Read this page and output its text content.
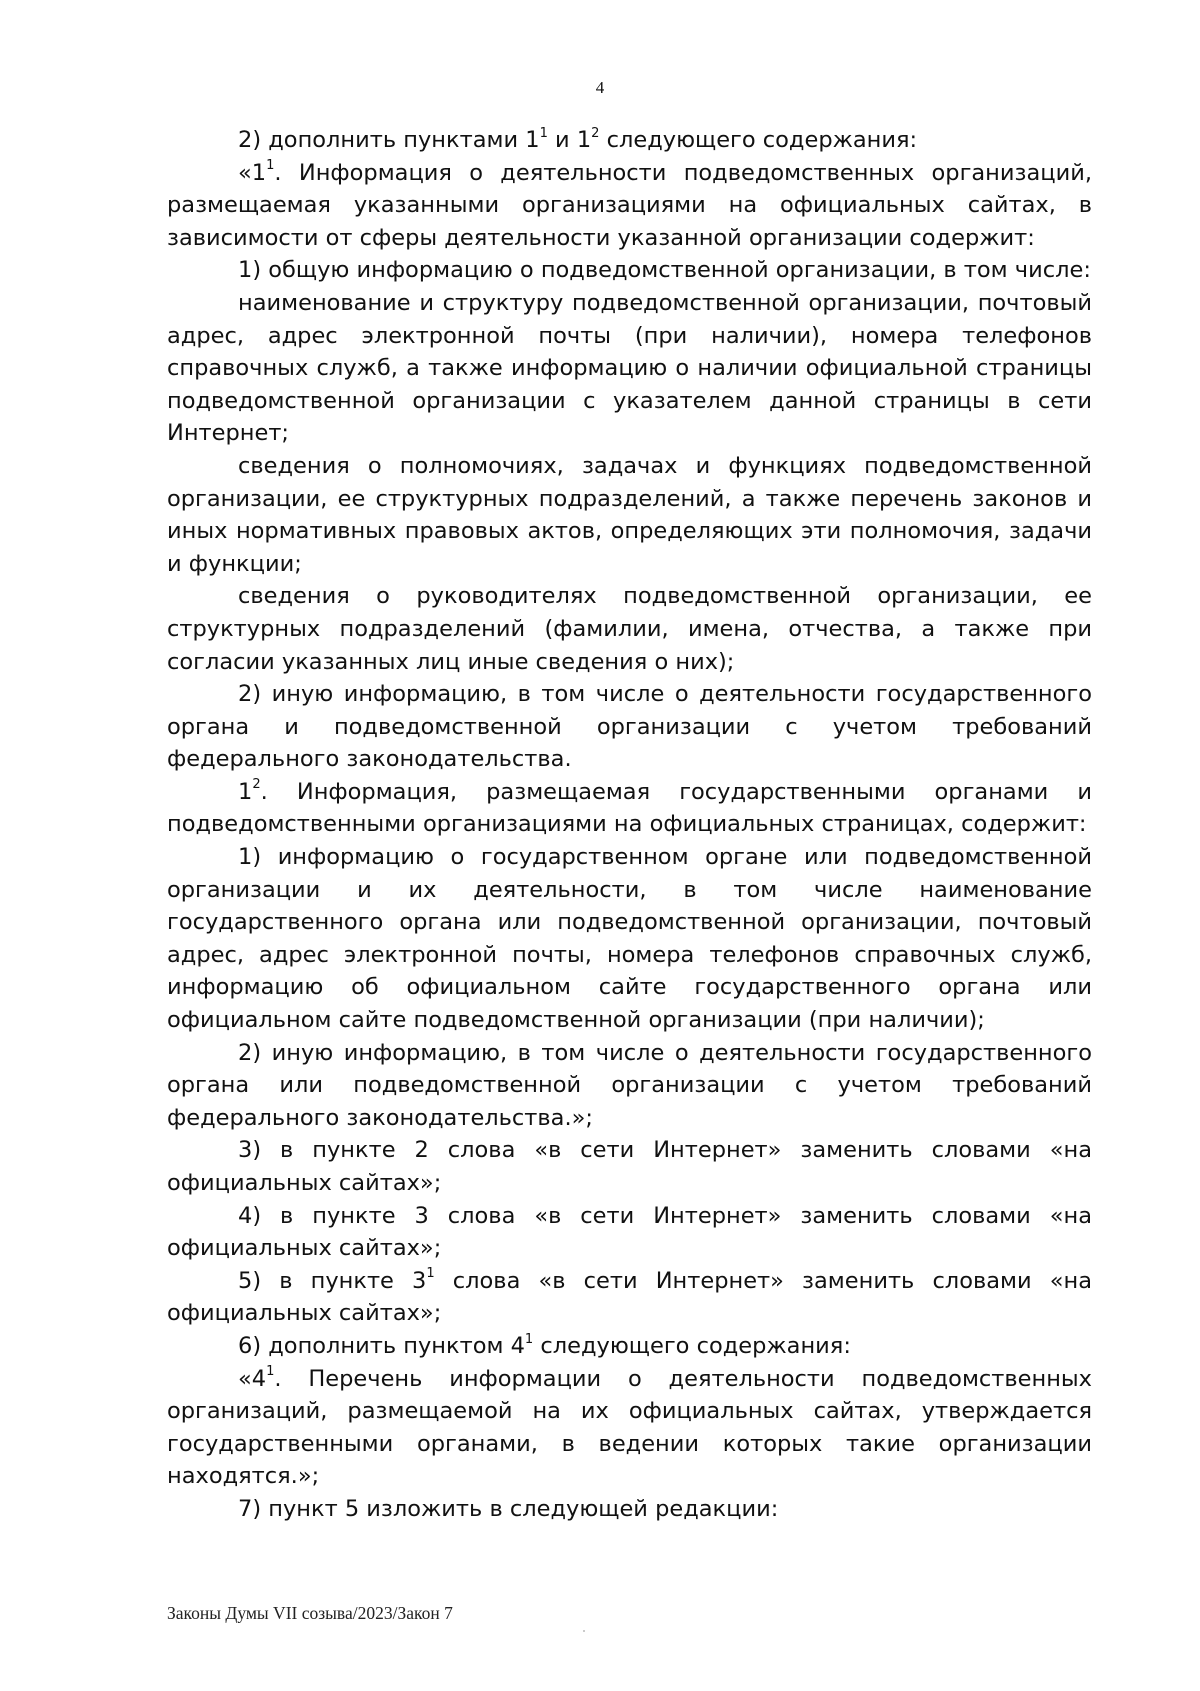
4

2) дополнить пунктами $1^1$ и $1^2$ следующего содержания:

«$1^1$. Информация о деятельности подведомственных организаций, размещаемая указанными организациями на официальных сайтах, в зависимости от сферы деятельности указанной организации содержит:

1) общую информацию о подведомственной организации, в том числе:

наименование и структуру подведомственной организации, почтовый адрес, адрес электронной почты (при наличии), номера телефонов справочных служб, а также информацию о наличии официальной страницы подведомственной организации с указателем данной страницы в сети Интернет;

сведения о полномочиях, задачах и функциях подведомственной организации, ее структурных подразделений, а также перечень законов и иных нормативных правовых актов, определяющих эти полномочия, задачи и функции;

сведения о руководителях подведомственной организации, ее структурных подразделений (фамилии, имена, отчества, а также при согласии указанных лиц иные сведения о них);

2) иную информацию, в том числе о деятельности государственного органа и подведомственной организации с учетом требований федерального законодательства.

$1^2$. Информация, размещаемая государственными органами и подведомственными организациями на официальных страницах, содержит:

1) информацию о государственном органе или подведомственной организации и их деятельности, в том числе наименование государственного органа или подведомственной организации, почтовый адрес, адрес электронной почты, номера телефонов справочных служб, информацию об официальном сайте государственного органа или официальном сайте подведомственной организации (при наличии);

2) иную информацию, в том числе о деятельности государственного органа или подведомственной организации с учетом требований федерального законодательства.»;

3) в пункте 2 слова «в сети Интернет» заменить словами «на официальных сайтах»;

4) в пункте 3 слова «в сети Интернет» заменить словами «на официальных сайтах»;

5) в пункте $3^1$ слова «в сети Интернет» заменить словами «на официальных сайтах»;

6) дополнить пунктом $4^1$ следующего содержания:

«$4^1$. Перечень информации о деятельности подведомственных организаций, размещаемой на их официальных сайтах, утверждается государственными органами, в ведении которых такие организации находятся.»;

7) пункт 5 изложить в следующей редакции:

Законы Думы VII созыва/2023/Закон 7
